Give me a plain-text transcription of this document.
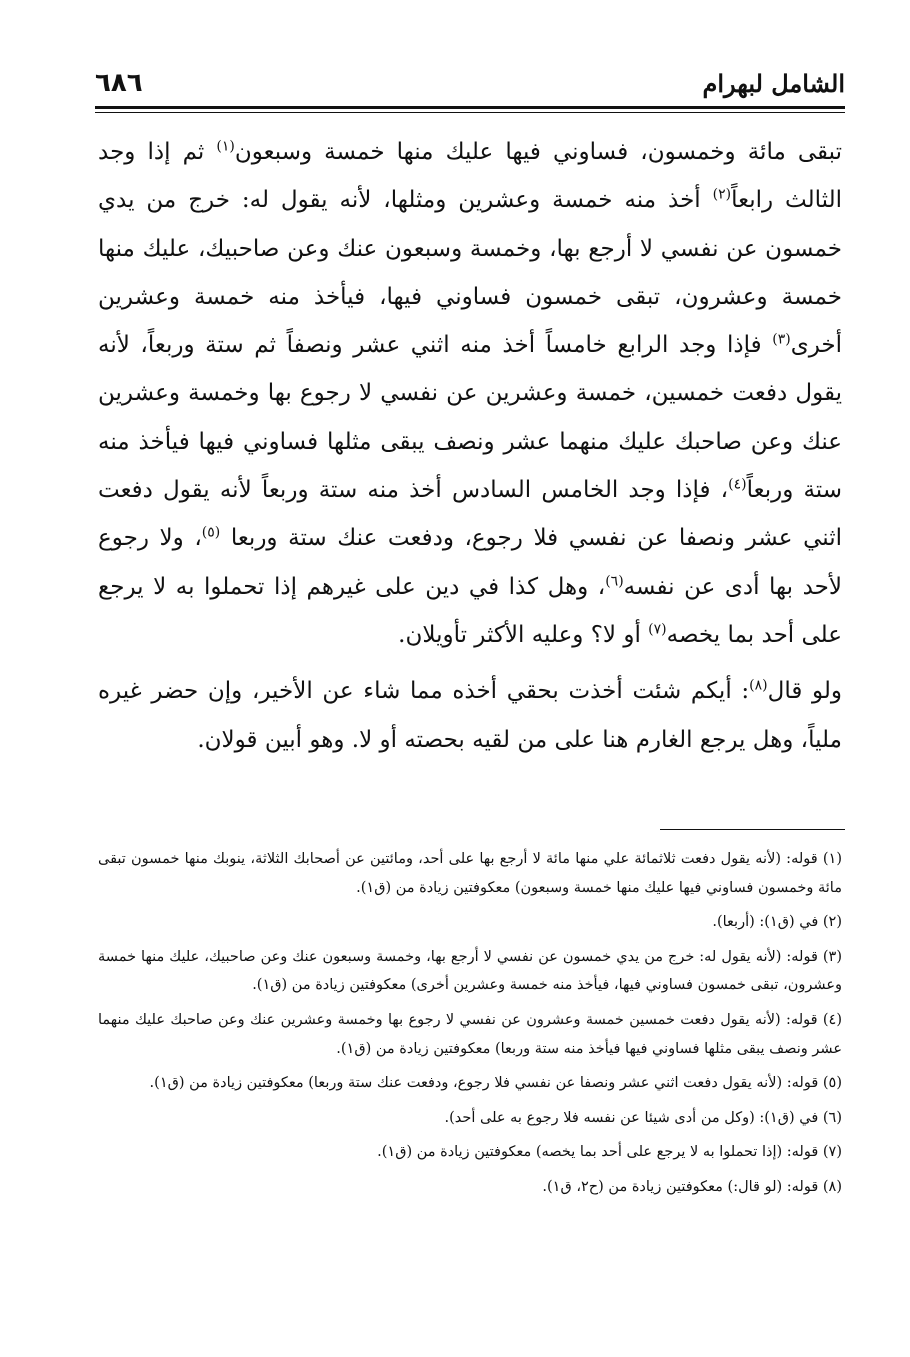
الشامل لبهرام
٦٨٦

تبقى مائة وخمسون، فساوني فيها عليك منها خمسة وسبعون$^{(١)}$ ثم إذا وجد الثالث رابعاً$^{(٢)}$ أخذ منه خمسة وعشرين ومثلها، لأنه يقول له: خرج من يدي خمسون عن نفسي لا أرجع بها، وخمسة وسبعون عنك وعن صاحبيك، عليك منها خمسة وعشرون، تبقى خمسون فساوني فيها، فيأخذ منه خمسة وعشرين أخرى$^{(٣)}$ فإذا وجد الرابع خامساً أخذ منه اثني عشر ونصفاً ثم ستة وربعاً، لأنه يقول دفعت خمسين، خمسة وعشرين عن نفسي لا رجوع بها وخمسة وعشرين عنك وعن صاحبك عليك منهما عشر ونصف يبقى مثلها فساوني فيها فيأخذ منه ستة وربعاً$^{(٤)}$، فإذا وجد الخامس السادس أخذ منه ستة وربعاً لأنه يقول دفعت اثني عشر ونصفا عن نفسي فلا رجوع، ودفعت عنك ستة وربعا $^{(٥)}$، ولا رجوع لأحد بها أدى عن نفسه$^{(٦)}$، وهل كذا في دين على غيرهم إذا تحملوا به لا يرجع على أحد بما يخصه$^{(٧)}$ أو لا؟ وعليه الأكثر تأويلان.

ولو قال$^{(٨)}$: أيكم شئت أخذت بحقي أخذه مما شاء عن الأخير، وإن حضر غيره ملياً، وهل يرجع الغارم هنا على من لقيه بحصته أو لا. وهو أبين قولان.

(١) قوله: (لأنه يقول دفعت ثلاثمائة علي منها مائة لا أرجع بها على أحد، ومائتين عن أصحابك الثلاثة، ينوبك منها خمسون تبقى مائة وخمسون فساوني فيها عليك منها خمسة وسبعون) معكوفتين زيادة من (ق١).

(٢) في (ق١): (أربعا).

(٣) قوله: (لأنه يقول له: خرج من يدي خمسون عن نفسي لا أرجع بها، وخمسة وسبعون عنك وعن صاحبيك، عليك منها خمسة وعشرون، تبقى خمسون فساوني فيها، فيأخذ منه خمسة وعشرين أخرى) معكوفتين زيادة من (ق١).

(٤) قوله: (لأنه يقول دفعت خمسين خمسة وعشرون عن نفسي لا رجوع بها وخمسة وعشرين عنك وعن صاحبك عليك منهما عشر ونصف يبقى مثلها فساوني فيها فيأخذ منه ستة وربعا) معكوفتين زيادة من (ق١).

(٥) قوله: (لأنه يقول دفعت اثني عشر ونصفا عن نفسي فلا رجوع، ودفعت عنك ستة وربعا) معكوفتين زيادة من (ق١).

(٦) في (ق١): (وكل من أدى شيئا عن نفسه فلا رجوع به على أحد).

(٧) قوله: (إذا تحملوا به لا يرجع على أحد بما يخصه) معكوفتين زيادة من (ق١).

(٨) قوله: (لو قال:) معكوفتين زيادة من (ح٢، ق١).
